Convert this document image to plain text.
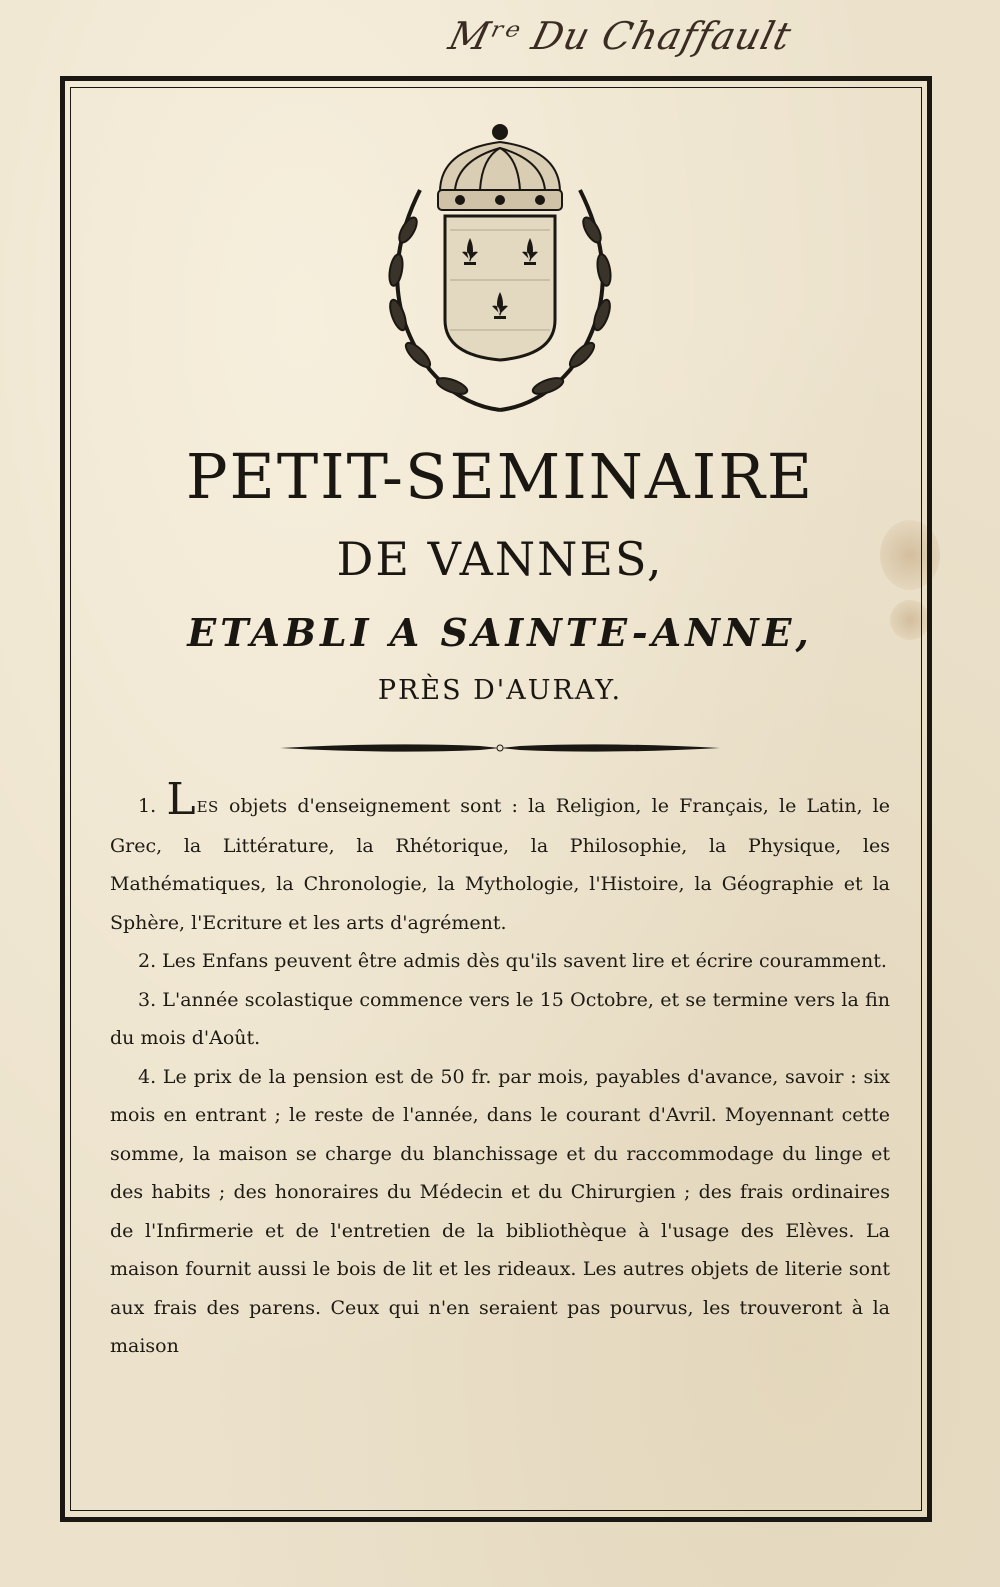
Mʳᵉ Du Chaffault
PETIT-SEMINAIRE
DE VANNES,
ETABLI A SAINTE-ANNE,
PRÈS D'AURAY.

1. LES objets d'enseignement sont : la Religion, le Français, le Latin, le Grec, la Littérature, la Rhétorique, la Philosophie, la Physique, les Mathématiques, la Chronologie, la Mythologie, l'Histoire, la Géographie et la Sphère, l'Ecriture et les arts d'agrément.

2. Les Enfans peuvent être admis dès qu'ils savent lire et écrire couramment.

3. L'année scolastique commence vers le 15 Octobre, et se termine vers la fin du mois d'Août.

4. Le prix de la pension est de 50 fr. par mois, payables d'avance, savoir : six mois en entrant ; le reste de l'année, dans le courant d'Avril. Moyennant cette somme, la maison se charge du blanchissage et du raccommodage du linge et des habits ; des honoraires du Médecin et du Chirurgien ; des frais ordinaires de l'Infirmerie et de l'entretien de la bibliothèque à l'usage des Elèves. La maison fournit aussi le bois de lit et les rideaux. Les autres objets de literie sont aux frais des parens. Ceux qui n'en seraient pas pourvus, les trouveront à la maison
